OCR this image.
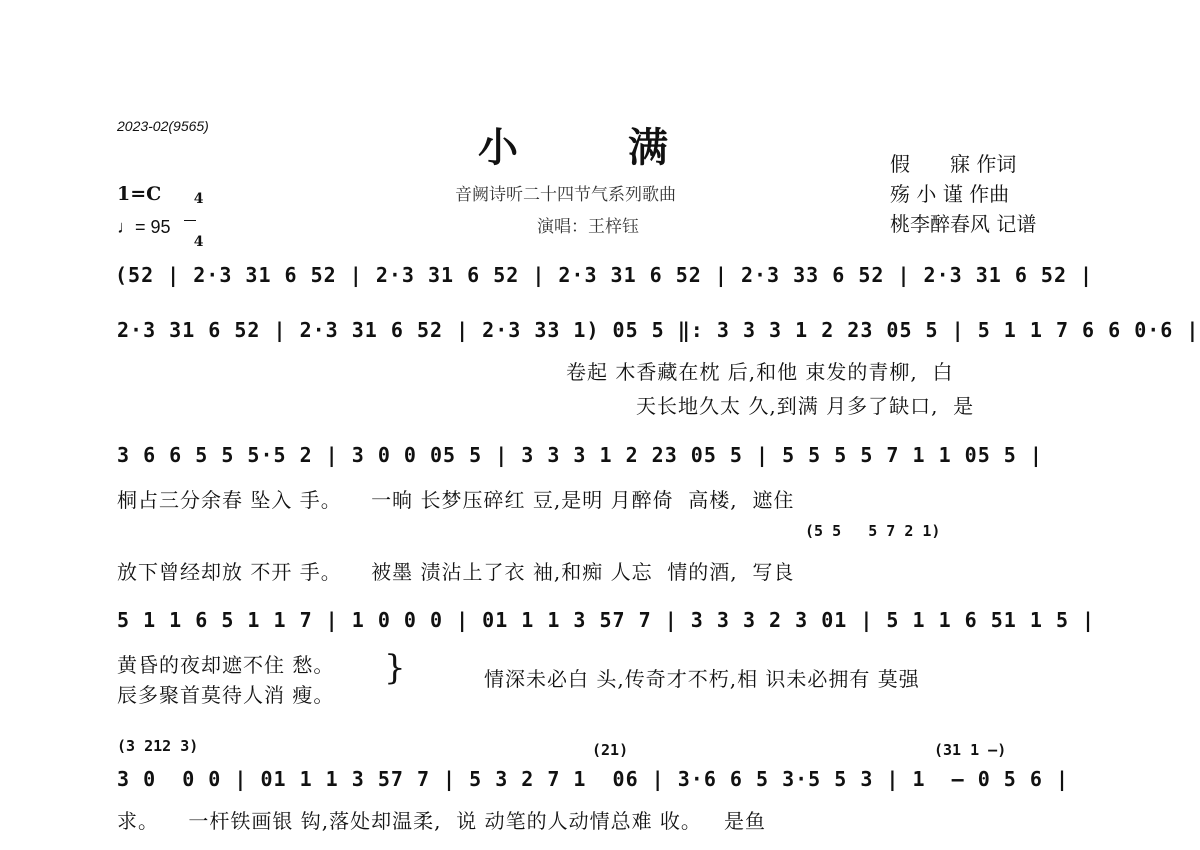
2023-02(9565)	小满
音阙诗听二十四节气系列歌曲
演唱：王梓钰
1=C	4

4

♩= 95
假　　寐 作词
殇 小 谨 作曲
桃李醉春风 记谱
(52 | 2·3 31 6 52 | 2·3 31 6 52 | 2·3 31 6 52 | 2·3 33 6 52 | 2·3 31 6 52 |
2·3 31 6 52 | 2·3 31 6 52 | 2·3 33 1) 05 5 ‖: 3 3 3 1 2 23 05 5 | 5 1 1 7 6 6 0·6 |
卷起 木香藏在枕 后,和他 束发的青柳,  白
天长地久太 久,到满 月多了缺口,  是
3 6 6 5 5 5·5 2 | 3 0 0 05 5 | 3 3 3 1 2 23 05 5 | 5 5 5 5 7 1 1 05 5 |
桐占三分余春 坠入 手。    一晌 长梦压碎红 豆,是明 月醉倚  高楼,  遮住
(5 5   5 7 2 1)
放下曾经却放 不开 手。    被墨 渍沾上了衣 袖,和痴 人忘  情的酒,  写良
5 1 1 6 5 1 1 7 | 1 0 0 0 | 01 1 1 3 57 7 | 3 3 3 2 3 01 | 5 1 1 6 51 1 5 |
黄昏的夜却遮不住 愁。
辰多聚首莫待人消 瘦。
}	情深未必白 头,传奇才不朽,相 识未必拥有 莫强
(3 212 3)	(21)	(31 1 –)
3 0  0 0 | 01 1 1 3 57 7 | 5 3 2 7 1  06 | 3·6 6 5 3·5 5 3 | 1  – 0 5 6 |
求。    一杆铁画银 钩,落处却温柔,  说 动笔的人动情总难 收。   是鱼
